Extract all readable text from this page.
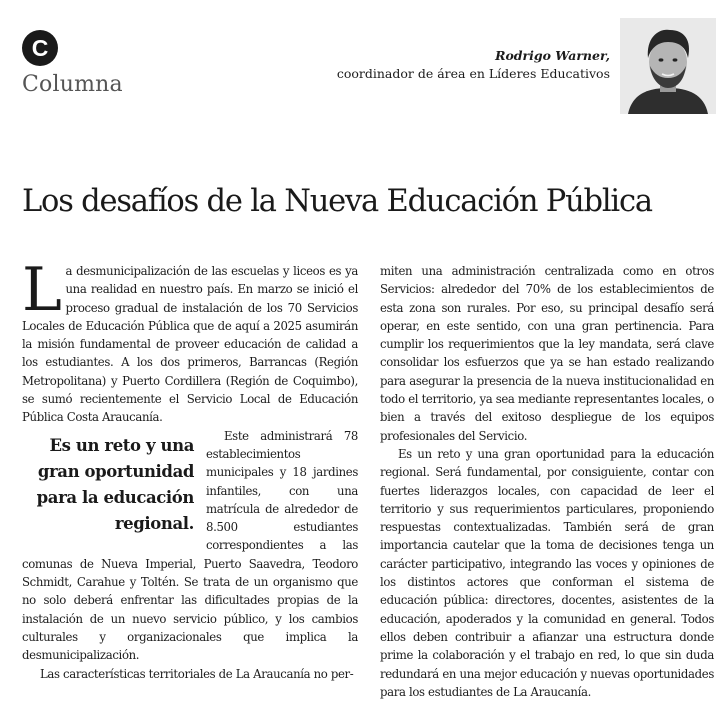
C
Columna
Rodrigo Warner,
coordinador de área en Líderes Educativos
Los desafíos de la Nueva Educación Pública

La desmunicipalización de las escuelas y liceos es ya una realidad en nuestro país. En marzo se inició el proceso gradual de instalación de los 70 Servicios Locales de Educación Pública que de aquí a 2025 asumirán la misión fundamental de proveer educación de calidad a los estudiantes. A los dos primeros, Barrancas (Región Metropolitana) y Puerto Cordillera (Región de Coquimbo), se sumó recientemente el Servicio Local de Educación Pública Costa Araucanía.

Es un reto y una gran oportunidad para la educación regional.

Este administrará 78 establecimientos municipales y 18 jardines infantiles, con una matrícula de alrededor de 8.500 estudiantes correspondientes a las comunas de Nueva Imperial, Puerto Saavedra, Teodoro Schmidt, Carahue y Toltén. Se trata de un organismo que no solo deberá enfrentar las dificultades propias de la instalación de un nuevo servicio público, y los cambios culturales y organizacionales que implica la desmunicipalización.

Las características territoriales de La Araucanía no per-

miten una administración centralizada como en otros Servicios: alrededor del 70% de los establecimientos de esta zona son rurales. Por eso, su principal desafío será operar, en este sentido, con una gran pertinencia. Para cumplir los requerimientos que la ley mandata, será clave consolidar los esfuerzos que ya se han estado realizando para asegurar la presencia de la nueva institucionalidad en todo el territorio, ya sea mediante representantes locales, o bien a través del exitoso despliegue de los equipos profesionales del Servicio.

Es un reto y una gran oportunidad para la educación regional. Será fundamental, por consiguiente, contar con fuertes liderazgos locales, con capacidad de leer el territorio y sus requerimientos particulares, proponiendo respuestas contextualizadas. También será de gran importancia cautelar que la toma de decisiones tenga un carácter participativo, integrando las voces y opiniones de los distintos actores que conforman el sistema de educación pública: directores, docentes, asistentes de la educación, apoderados y la comunidad en general. Todos ellos deben contribuir a afianzar una estructura donde prime la colaboración y el trabajo en red, lo que sin duda redundará en una mejor educación y nuevas oportunidades para los estudiantes de La Araucanía.
